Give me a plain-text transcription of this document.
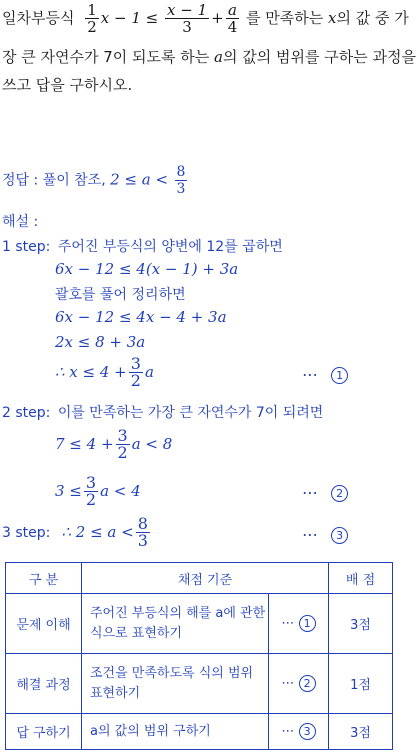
일차부등식 $\frac{1}{2}$ $x - 1 \le \frac{x - 1}{3} + \frac{a}{4}$ 를 만족하는 x의 값 중 가
장 큰 자연수가 7이 되도록 하는 a의 값의 범위를 구하는 과정을
쓰고 답을 구하시오.
정답 : 풀이 참조, $2 \le a < \frac{8}{3}$
해설 :
1 step: 주어진 부등식의 양변에 12를 곱하면
6x − 12 ≤ 4(x − 1) + 3a
괄호를 풀어 정리하면
6x − 12 ≤ 4x − 4 + 3a
2x ≤ 8 + 3a
∴ $x \le 4 + \frac{3}{2}$ a	⋯ 1
2 step: 이를 만족하는 가장 큰 자연수가 7이 되려면
$7 \le 4 + \frac{3}{2}$ a < 8
$3 \le \frac{3}{2}$ a < 4	⋯ 2
3 step: ∴ $2 \le a < \frac{8}{3}$	⋯ 3
구 분	채점 기준		배 점
문제 이해	주어진 부등식의 해를 a에 관한 식으로 표현하기	⋯ 1	3점
해결 과정	조건을 만족하도록 식의 범위 표현하기	⋯ 2	1점
답 구하기	a의 값의 범위 구하기	⋯ 3	3점
